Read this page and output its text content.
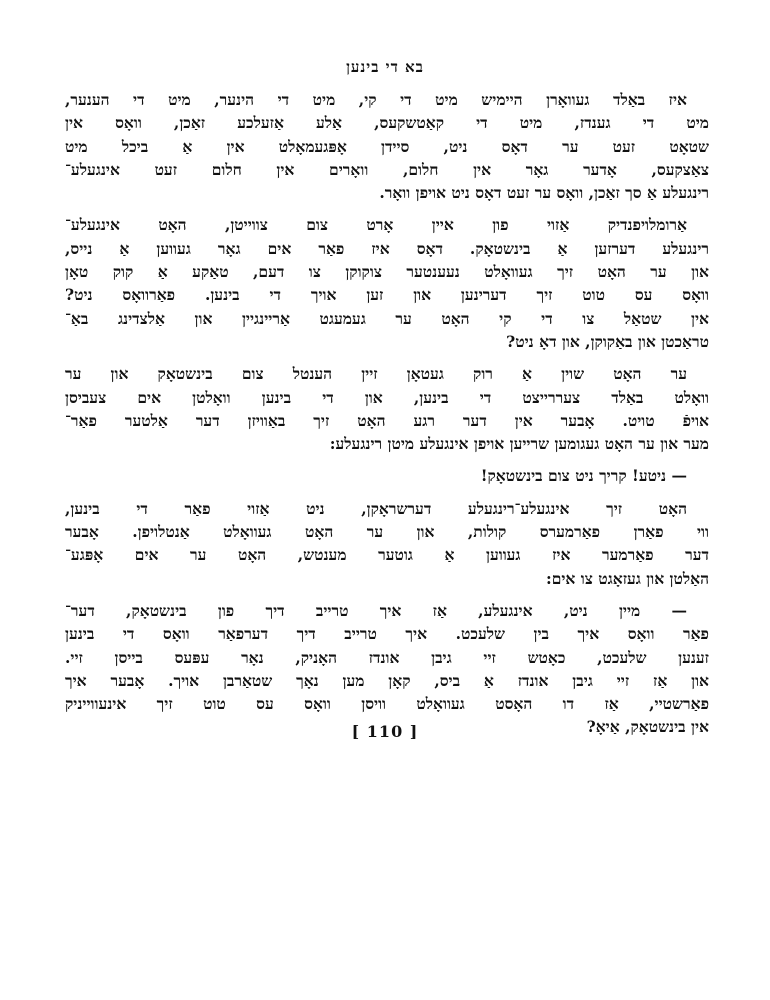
בא די בינען
איז באַלד געוואָרן היימיש מיט די קי, מיט די הינער, מיט די הענער,
מיט די גענדז, מיט די קאַטשקעס, אַלע אַזעלכע זאַכן, וואָס אין
שטאָט זעט ער דאָס ניט, סיידן אָפּגעמאָלט אין אַ ביכל מיט
צאַצקעס, אָדער גאָר אין חלום, וואָרים אין חלום זעט אינגעלע־
רינגעלע אַ סך זאַכן, וואָס ער זעט דאָס ניט אויפן וואָר.
אַרומלויפנדיק אַזוי פון איין אָרט צום צווייטן, האָט אינגעלע־
רינגעלע דערזען אַ בינשטאָק. דאָס איז פאַר אים גאָר געווען אַ נייס,
און ער האָט זיך געוואָלט נעענטער צוקוקן צו דעם, טאַקע אַ קוק טאָן
וואָס עס טוט זיך דערינען און זען אויך די בינען. פאַרוואָס ניט?
אין שטאַל צו די קי האָט ער געמעגט אַריינגיין און אַלצדינג באַ־
טראַכטן און באַקוקן, און דאָ ניט?
ער האָט שוין אַ רוק געטאָן זיין הענטל צום בינשטאָק און ער
וואָלט באַלד צעררייצט די בינען, און די בינען וואָלטן אים צעביסן
אויפֿ טויט. אָבער אין דער רגע האָט זיך באַוויזן דער אַלטער פאַר־
מער און ער האָט געגומען שרייען אויפן אינגעלע מיטן רינגעלע:
— ניטע! קריך ניט צום בינשטאָק!
האָט זיך אינגעלע־רינגעלע דערשראָקן, ניט אַזוי פאַר די בינען,
ווי פאַרן פאַרמערס קולות, און ער האָט געוואָלט אַנטלויפן. אָבער
דער פאַרמער איז געווען אַ גוטער מענטש, האָט ער אים אָפּגע־
האַלטן און געזאָגט צו אים:
— מיין ניט, אינגעלע, אַז איך טרייב דיך פון בינשטאָק, דער־
פאַר וואָס איך בין שלעכט. איך טרייב דיך דערפאַר וואָס די בינען
זענען שלעכט, כאָטש זיי גיבן אונדז האָניק, נאָר עפּעס בייסן זיי.
און אַז זיי גיבן אונדז אַ ביס, קאָן מען נאָך שטאַרבן אויך. אָבער איך
פאַרשטיי, אַז דו האָסט געוואָלט וויסן וואָס עס טוט זיך אינעווייניק
אין בינשטאָק, אַיאָ?
[ 110 ]
